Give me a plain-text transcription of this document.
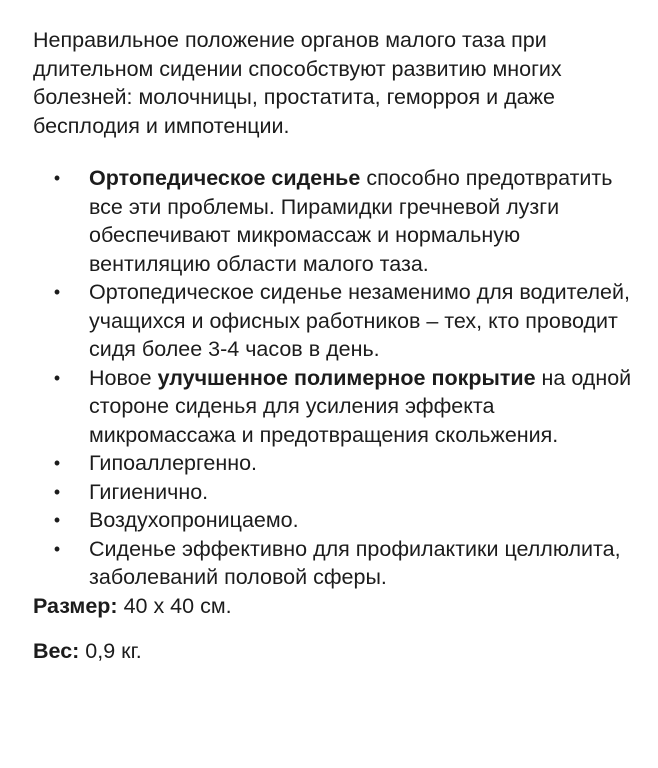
Неправильное положение органов малого таза при длительном сидении способствуют развитию многих болезней: молочницы, простатита, геморроя и даже бесплодия и импотенции.

• Ортопедическое сиденье способно предотвратить все эти проблемы. Пирамидки гречневой лузги обеспечивают микромассаж и нормальную вентиляцию области малого таза.
• Ортопедическое сиденье незаменимо для водителей, учащихся и офисных работников – тех, кто проводит сидя более 3-4 часов в день.
• Новое улучшенное полимерное покрытие на одной стороне сиденья для усиления эффекта микромассажа и предотвращения скольжения.
• Гипоаллергенно.
• Гигиенично.
• Воздухопроницаемо.
• Сиденье эффективно для профилактики целлюлита, заболеваний половой сферы.

Размер: 40 х 40 см.

Вес: 0,9 кг.
